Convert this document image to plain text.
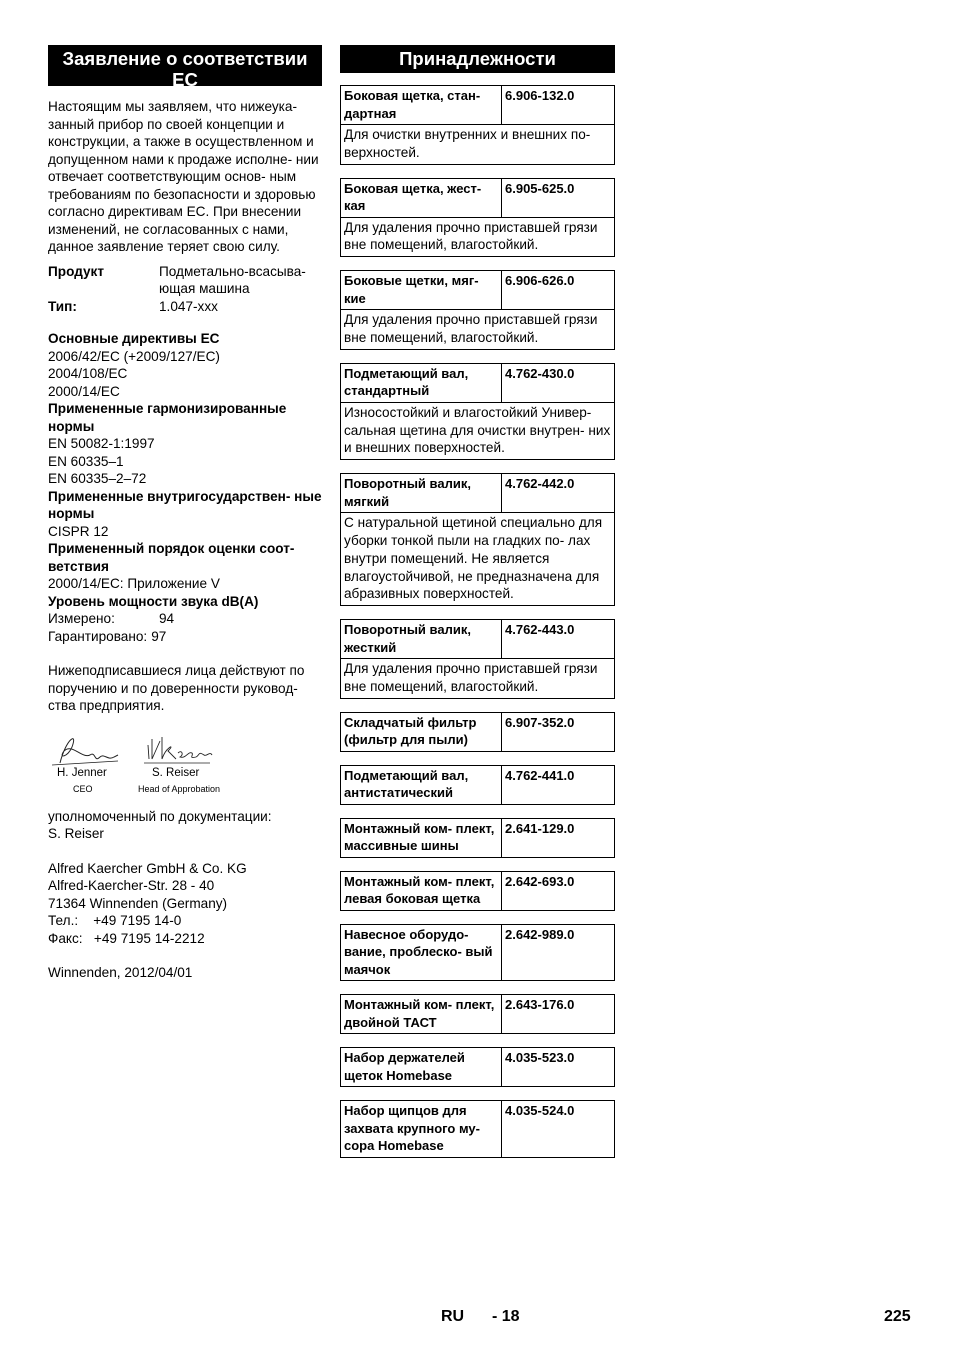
Заявление о соответствии ЕС

Настоящим мы заявляем, что нижеука- занный прибор по своей концепции и конструкции, а также в осуществленном и допущенном нами к продаже исполне- нии отвечает соответствующим основ- ным требованиям по безопасности и здоровью согласно директивам ЕС. При внесении изменений, не согласованных с нами, данное заявление теряет свою силу.

Продукт	Подметально-всасыва- ющая машина
Тип:	1.047-xxx

Основные директивы ЕС

2006/42/ЕС (+2009/127/EC)

2004/108/ЕС

2000/14/ЕС

Примененные гармонизированные нормы

EN 50082-1:1997

EN 60335–1

EN 60335–2–72

Примененные внутригосударствен- ные нормы

CISPR 12

Примененный порядок оценки соот- ветствия

2000/14/EC: Приложение V

Уровень мощности звука dB(A)

Измерено:	94
Гарантировано: 97

Нижеподписавшиеся лица действуют по поручению и по доверенности руковод- ства предприятия.

H. Jenner
CEO
S. Reiser
Head of Approbation

уполномоченный по документации:

S. Reiser

Alfred Kaercher GmbH & Co. KG

Alfred-Kaercher-Str. 28 - 40

71364 Winnenden (Germany)

Тел.:    +49 7195 14-0

Факс:   +49 7195 14-2212

Winnenden, 2012/04/01

Принадлежности
Боковая щетка, стан- дартная
6.906-132.0
Для очистки внутренних и внешних по- верхностей.
Боковая щетка, жест- кая
6.905-625.0
Для удаления прочно приставшей грязи вне помещений, влагостойкий.
Боковые щетки, мяг- кие
6.906-626.0
Для удаления прочно приставшей грязи вне помещений, влагостойкий.
Подметающий вал, стандартный
4.762-430.0
Износостойкий и влагостойкий Универ- сальная щетина для очистки внутрен- них и внешних поверхностей.
Поворотный валик, мягкий
4.762-442.0
С натуральной щетиной специально для уборки тонкой пыли на гладких по- лах внутри помещений. Не является влагоустойчивой, не предназначена для абразивных поверхностей.
Поворотный валик, жесткий
4.762-443.0
Для удаления прочно приставшей грязи вне помещений, влагостойкий.
Складчатый фильтр (фильтр для пыли)
6.907-352.0
Подметающий вал, антистатический
4.762-441.0
Монтажный ком- плект, массивные шины
2.641-129.0
Монтажный ком- плект, левая боковая щетка
2.642-693.0
Навесное оборудо- вание, проблеско- вый маячок
2.642-989.0
Монтажный ком- плект, двойной ТАСТ
2.643-176.0
Набор держателей щеток Homebase
4.035-523.0
Набор щипцов для захвата крупного му- сора Homebase
4.035-524.0
RU - 18	225
